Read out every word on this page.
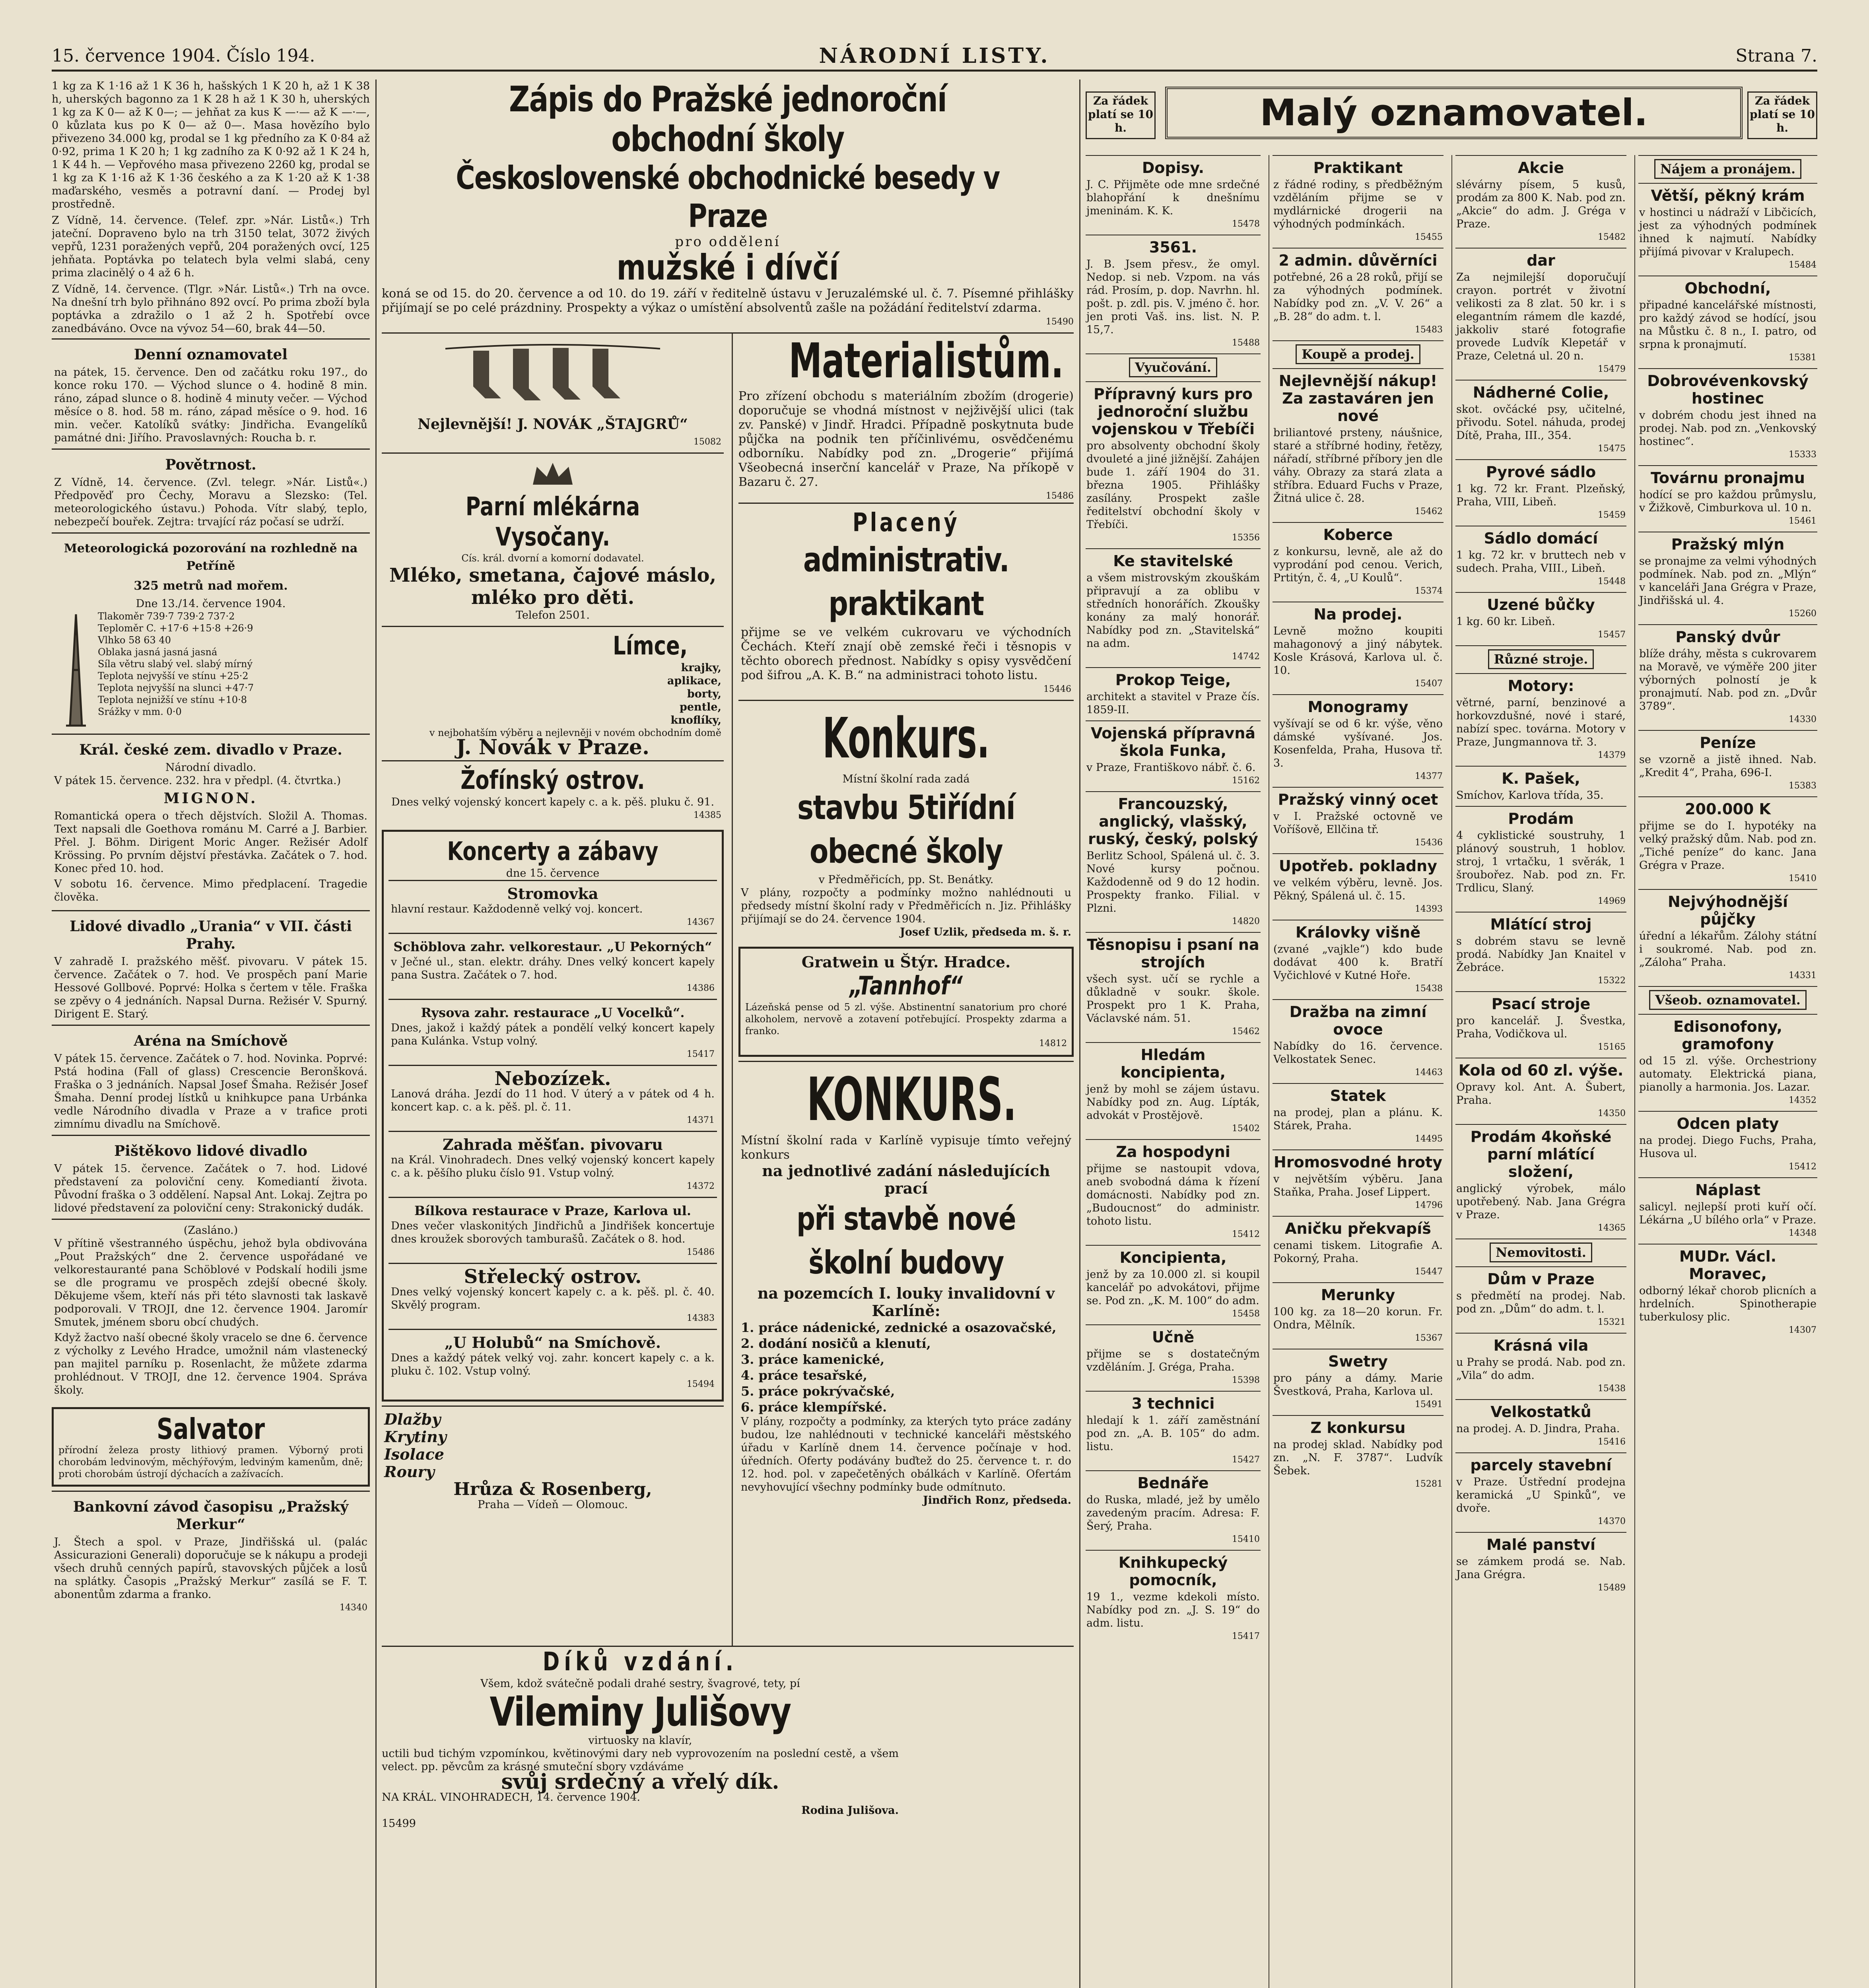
15. července 1904. Číslo 194.	NÁRODNÍ LISTY.	Strana 7.

1 kg za K 1·16 až 1 K 36 h, hašských 1 K 20 h, až 1 K 38 h, uherských bagonno za 1 K 28 h až 1 K 30 h, uherských 1 kg za K 0— až K 0—; — jehňat za kus K —·— až K —·—, 0 kůzlata kus po K 0— až 0—. Masa hovězího bylo přivezeno 34.000 kg, prodal se 1 kg předního za K 0·84 až 0·92, prima 1 K 20 h; 1 kg zadního za K 0·92 až 1 K 24 h, 1 K 44 h. — Vepřového masa přivezeno 2260 kg, prodal se 1 kg za K 1·16 až K 1·36 českého a za K 1·20 až K 1·38 maďarského, vesměs a potravní daní. — Prodej byl prostředně.

Z Vídně, 14. července. (Telef. zpr. »Nár. Listů«.) Trh jateční. Dopraveno bylo na trh 3150 telat, 3072 živých vepřů, 1231 poražených vepřů, 204 poražených ovcí, 125 jehňata. Poptávka po telatech byla velmi slabá, ceny prima zlacinělý o 4 až 6 h.

Z Vídně, 14. července. (Tlgr. »Nár. Listů«.) Trh na ovce. Na dnešní trh bylo přihnáno 892 ovcí. Po prima zboží byla poptávka a zdražilo o 1 až 2 h. Spotřebí ovce zanedbáváno. Ovce na vývoz 54—60, brak 44—50.

Denní oznamovatel

na pátek, 15. července. Den od začátku roku 197., do konce roku 170. — Východ slunce o 4. hodině 8 min. ráno, západ slunce o 8. hodině 4 minuty večer. — Východ měsíce o 8. hod. 58 m. ráno, západ měsíce o 9. hod. 16 min. večer. Katolíků svátky: Jindřicha. Evangelíků památné dni: Jiřího. Pravoslavných: Roucha b. r.

Povětrnost.

Z Vídně, 14. července. (Zvl. telegr. »Nár. Listů«.) Předpověď pro Čechy, Moravu a Slezsko: (Tel. meteorologického ústavu.) Pohoda. Vítr slabý, teplo, nebezpečí bouřek. Zejtra: trvající ráz počasí se udrží.

Meteorologická pozorování na rozhledně na Petříně
325 metrů nad mořem.
Dne 13./14. července 1904.
Tlakoměr 739·7 739·2 737·2
Teploměr C. +17·6 +15·8 +26·9
Vlhko 58 63 40
Oblaka jasná jasná jasná
Síla větru slabý vel. slabý mírný
Teplota nejvyšší ve stínu +25·2
Teplota nejvyšší na slunci +47·7
Teplota nejnižší ve stínu +10·8
Srážky v mm. 0·0
Král. české zem. divadlo v Praze.
Národní divadlo.

V pátek 15. července. 232. hra v předpl. (4. čtvrtka.)

MIGNON.

Romantická opera o třech dějstvích. Složil A. Thomas. Text napsali dle Goethova románu M. Carré a J. Barbier. Přel. J. Böhm. Dirigent Moric Anger. Režisér Adolf Krössing. Po prvním dějství přestávka. Začátek o 7. hod. Konec před 10. hod.

V sobotu 16. července. Mimo předplacení. Tragedie člověka.

Lidové divadlo „Urania“ v VII. části Prahy.

V zahradě I. pražského měšť. pivovaru. V pátek 15. července. Začátek o 7. hod. Ve prospěch paní Marie Hessové Gollbové. Poprvé: Holka s čertem v těle. Fraška se zpěvy o 4 jednáních. Napsal Durna. Režisér V. Spurný. Dirigent E. Starý.

Aréna na Smíchově

V pátek 15. července. Začátek o 7. hod. Novinka. Poprvé: Pstá hodina (Fall of glass) Crescencie Beronšková. Fraška o 3 jednáních. Napsal Josef Šmaha. Režisér Josef Šmaha. Denní prodej lístků u knihkupce pana Urbánka vedle Národního divadla v Praze a v trafice proti zimnímu divadlu na Smíchově.

Pištěkovo lidové divadlo

V pátek 15. července. Začátek o 7. hod. Lidové představení za poloviční ceny. Komediantí života. Původní fraška o 3 oddělení. Napsal Ant. Lokaj. Zejtra po lidové představení za poloviční ceny: Strakonický dudák.

(Zasláno.)

V přítině všestranného úspěchu, jehož byla obdivována „Pout Pražských“ dne 2. července uspořádané ve velkorestauranté pana Schöblové v Podskalí hodili jsme se dle programu ve prospěch zdejší obecné školy. Děkujeme všem, kteří nás při této slavnosti tak laskavě podporovali. V TROJI, dne 12. července 1904. Jaromír Smutek, jménem sboru obcí chudých.

Když žactvo naší obecné školy vracelo se dne 6. července z výcholky z Levého Hradce, umožnil nám vlastenecký pan majitel parníku p. Rosenlacht, že můžete zdarma prohlédnout. V TROJI, dne 12. července 1904. Správa školy.

Salvator

přírodní železa prosty lithiový pramen. Výborný proti chorobám ledvinovým, měchýřovým, ledviným kamenům, dně; proti chorobám ústrojí dýchacích a zažívacích.

Bankovní závod časopisu „Pražský Merkur“

J. Štech a spol. v Praze, Jindřišská ul. (palác Assicurazioni Generali) doporučuje se k nákupu a prodeji všech druhů cenných papírů, stavovských půjček a losů na splátky. Časopis „Pražský Merkur“ zasílá se F. T. abonentům zdarma a franko.

14340
Zápis do Pražské jednoroční obchodní školy
Československé obchodnické besedy v Praze
pro oddělení
mužské i dívčí

koná se od 15. do 20. července a od 10. do 19. září v ředitelně ústavu v Jeruzalémské ul. č. 7. Písemné přihlášky přijímají se po celé prázdniny. Prospekty a výkaz o umístění absolventů zašle na požádání ředitelství zdarma.

15490
Nejlevnější! J. NOVÁK „ŠTAJGRŮ“
15082
Parní mlékárna Vysočany.
Cís. král. dvorní a komorní dodavatel.
Mléko, smetana, čajové máslo, mléko pro děti.
Telefon 2501.
Límce,
krajky,
aplikace,
borty,
pentle,
knoflíky,

v nejbohatším výběru a nejlevněji v novém obchodním domě

J. Novák v Praze.
Žofínský ostrov.

Dnes velký vojenský koncert kapely c. a k. pěš. pluku č. 91.

14385
Koncerty a zábavy
dne 15. července
Stromovka

hlavní restaur. Každodenně velký voj. koncert.

14367
Schöblova zahr. velkorestaur. „U Pekorných“

v Ječné ul., stan. elektr. dráhy. Dnes velký koncert kapely pana Sustra. Začátek o 7. hod.

14386
Rysova zahr. restaurace „U Vocelků“.

Dnes, jakož i každý pátek a pondělí velký koncert kapely pana Kulánka. Vstup volný.

15417
Nebozízek.

Lanová dráha. Jezdí do 11 hod. V úterý a v pátek od 4 h. koncert kap. c. a k. pěš. pl. č. 11.

14371
Zahrada měšťan. pivovaru

na Král. Vinohradech. Dnes velký vojenský koncert kapely c. a k. pěšího pluku číslo 91. Vstup volný.

14372
Bílkova restaurace v Praze, Karlova ul.

Dnes večer vlaskonitých Jindřichů a Jindřišek koncertuje dnes kroužek sborových tamburašů. Začátek o 8. hod.

15486
Střelecký ostrov.

Dnes velký vojenský koncert kapely c. a k. pěš. pl. č. 40. Skvělý program.

14383
„U Holubů“ na Smíchově.

Dnes a každý pátek velký voj. zahr. koncert kapely c. a k. pluku č. 102. Vstup volný.

15494
Dlažby
Krytiny
Isolace
Roury
Hrůza & Rosenberg,
Praha — Vídeň — Olomouc.
Materialistům.

Pro zřízení obchodu s materiálním zbožím (drogerie) doporučuje se vhodná místnost v nejživější ulici (tak zv. Panské) v Jindř. Hradci. Případně poskytnuta bude půjčka na podnik ten příčinlivému, osvědčenému odborníku. Nabídky pod zn. „Drogerie“ přijímá Všeobecná inserční kancelář v Praze, Na příkopě v Bazaru č. 27.

15486
Placený
administrativ. praktikant

přijme se ve velkém cukrovaru ve východních Čechách. Kteří znají obě zemské řeči i těsnopis v těchto oborech přednost. Nabídky s opisy vysvědčení pod šifrou „A. K. B.“ na administraci tohoto listu.

15446
Konkurs.
Místní školní rada zadá
stavbu 5tiřídní obecné školy
v Předměřicích, pp. St. Benátky.

V plány, rozpočty a podmínky možno nahlédnouti u předsedy místní školní rady v Předměřicích n. Jiz. Přihlášky přijímají se do 24. července 1904.

Josef Uzlik, předseda m. š. r.
Gratwein u Štýr. Hradce.
„Tannhof“

Lázeňská pense od 5 zl. výše. Abstinentní sanatorium pro choré alkoholem, nervově a zotavení potřebující. Prospekty zdarma a franko.

14812
KONKURS.

Místní školní rada v Karlíně vypisuje tímto veřejný konkurs

na jednotlivé zadání následujících prací
při stavbě nové školní budovy
na pozemcích I. louky invalidovní v Karlíně:
1. práce nádenické, zednické a osazovačské,
2. dodání nosičů a klenutí,
3. práce kamenické,
4. práce tesařské,
5. práce pokrývačské,
6. práce klempířské.

V plány, rozpočty a podmínky, za kterých tyto práce zadány budou, lze nahlédnouti v technické kanceláři městského úřadu v Karlíně dnem 14. července počínaje v hod. úředních. Oferty podávány buďtež do 25. července t. r. do 12. hod. pol. v zapečetěných obálkách v Karlíně. Ofertám nevyhovující všechny podmínky bude odmítnuto.

Jindřich Ronz, předseda.
Díků vzdání.

Všem, kdož svátečně podali drahé sestry, švagrové, tety, pí

Vileminy Julišovy
virtuosky na klavír,

uctili bud tichým vzpomínkou, květinovými dary neb vyprovozením na poslední cestě, a všem velect. pp. pěvcům za krásné smuteční sbory vzdáváme

svůj srdečný a vřelý dík.
NA KRÁL. VINOHRADECH, 14. července 1904.
Rodina Julišova.
15499
Za řádek platí se 10 h.	Malý oznamovatel.	Za řádek platí se 10 h.
Dopisy.

J. C. Přijměte ode mne srdečné blahopřání k dnešnímu jmeninám. K. K.

15478
3561.

J. B. Jsem přesv., že omyl. Nedop. si neb. Vzpom. na vás rád. Prosím, p. dop. Navrhn. hl. pošt. p. zdl. pis. V. jméno č. hor. jen proti Vaš. ins. list. N. P. 15,7.

15488
Vyučování.
Přípravný kurs pro jednoroční službu vojenskou v Třebíči

pro absolventy obchodní školy dvouleté a jiné jižnější. Zahájen bude 1. září 1904 do 31. března 1905. Přihlášky zasílány. Prospekt zašle ředitelství obchodní školy v Třebíči.

15356
Ke stavitelské

a všem mistrovským zkouškám připravují a za oblibu v středních honorářích. Zkoušky konány za malý honorář. Nabídky pod zn. „Stavitelská“ na adm.

14742
Prokop Teige,

architekt a stavitel v Praze čís. 1859-II.

Vojenská přípravná škola Funka,

v Praze, Františkovo nábř. č. 6.

15162
Francouzský, anglický, vlašský, ruský, český, polský

Berlitz School, Spálená ul. č. 3. Nové kursy počnou. Každodenně od 9 do 12 hodin. Prospekty franko. Filial. v Plzni.

14820
Těsnopisu i psaní na strojích

všech syst. učí se rychle a důkladně v soukr. škole. Prospekt pro 1 K. Praha, Václavské nám. 51.

15462
Hledám koncipienta,

jenž by mohl se zájem ústavu. Nabídky pod zn. Aug. Lípták, advokát v Prostějově.

15402
Za hospodyni

přijme se nastoupit vdova, aneb svobodná dáma k řízení domácnosti. Nabídky pod zn. „Budoucnost“ do administr. tohoto listu.

15412
Koncipienta,

jenž by za 10.000 zl. si koupil kancelář po advokátovi, přijme se. Pod zn. „K. M. 100“ do adm.

15458
Učně

přijme se s dostatečným vzděláním. J. Gréga, Praha.

15398
3 technici

hledají k 1. září zaměstnání pod zn. „A. B. 105“ do adm. listu.

15427
Bednáře

do Ruska, mladé, jež by umělo zavedeným pracím. Adresa: F. Šerý, Praha.

15410
Knihkupecký pomocník,

19 1., vezme kdekoli místo. Nabídky pod zn. „J. S. 19“ do adm. listu.

15417
Praktikant

z řádné rodiny, s předběžným vzděláním přijme se v mydlárnické drogerii na výhodných podmínkách.

15455
2 admin. důvěrníci

potřebné, 26 a 28 roků, přijí se za výhodných podmínek. Nabídky pod zn. „V. V. 26“ a „B. 28“ do adm. t. l.

15483
Koupě a prodej.
Nejlevnější nákup! Za zastaváren jen nové

briliantové prsteny, náušnice, staré a stříbrné hodiny, řetězy, nářadí, stříbrné příbory jen dle váhy. Obrazy za stará zlata a stříbra. Eduard Fuchs v Praze, Žitná ulice č. 28.

15462
Koberce

z konkursu, levně, ale až do vyprodání pod cenou. Verich, Prtitýn, č. 4, „U Koulů“.

15374
Na prodej.

Levně možno koupiti mahagonový a jiný nábytek. Kosle Krásová, Karlova ul. č. 10.

15407
Monogramy

vyšívají se od 6 kr. výše, věno dámské vyšívané. Jos. Kosenfelda, Praha, Husova tř. 3.

14377
Pražský vinný ocet

v I. Pražské octovně ve Voříšově, Ellčina tř.

15436
Upotřeb. pokladny

ve velkém výběru, levně. Jos. Pěkný, Spálená ul. č. 15.

14393
Královky višně

(zvané „vajkle“) kdo bude dodávat 400 k. Bratří Vyčichlové v Kutné Hoře.

15438
Dražba na zimní ovoce

Nabídky do 16. července. Velkostatek Senec.

14463
Statek

na prodej, plan a plánu. K. Stárek, Praha.

14495
Hromosvodné hroty

v největším výběru. Jana Staňka, Praha. Josef Lippert.

14796
Aničku překvapíš

cenami tiskem. Litografie A. Pokorný, Praha.

15447
Merunky

100 kg. za 18—20 korun. Fr. Ondra, Mělník.

15367
Swetry

pro pány a dámy. Marie Švestková, Praha, Karlova ul.

15491
Z konkursu

na prodej sklad. Nabídky pod zn. „N. F. 3787“. Ludvík Šebek.

15281
Akcie

slévárny písem, 5 kusů, prodám za 800 K. Nab. pod zn. „Akcie“ do adm. J. Gréga v Praze.

15482
dar

Za nejmilejší doporučují crayon. portrét v životní velikosti za 8 zlat. 50 kr. i s elegantním rámem dle kazdé, jakkoliv staré fotografie provede Ludvík Klepetář v Praze, Celetná ul. 20 n.

15479
Nádherné Colie,

skot. ovčácké psy, učitelné, přivodu. Sotel. náhuda, prodej Dítě, Praha, III., 354.

15475
Pyrové sádlo

1 kg. 72 kr. Frant. Plzeňský, Praha, VIII, Libeň.

15459
Sádlo domácí

1 kg. 72 kr. v bruttech neb v sudech. Praha, VIII., Libeň.

15448
Uzené bůčky

1 kg. 60 kr. Libeň.

15457
Různé stroje.
Motory:

větrné, parní, benzinové a horkovzdušné, nové i staré, nabízí spec. továrna. Motory v Praze, Jungmannova tř. 3.

14379
K. Pašek,

Smíchov, Karlova třída, 35.

Prodám

4 cyklistické soustruhy, 1 plánový soustruh, 1 hoblov. stroj, 1 vrtačku, 1 svěrák, 1 šroubořez. Nab. pod zn. Fr. Trdlicu, Slaný.

14969
Mlátící stroj

s dobrém stavu se levně prodá. Nabídky Jan Knaitel v Žebráce.

15322
Psací stroje

pro kancelář. J. Švestka, Praha, Vodičkova ul.

15165
Kola od 60 zl. výše.

Opravy kol. Ant. A. Šubert, Praha.

14350
Prodám 4koňské parní mlátící složení,

anglický výrobek, málo upotřebený. Nab. Jana Grégra v Praze.

14365
Nemovitosti.
Dům v Praze

s předmětí na prodej. Nab. pod zn. „Dům“ do adm. t. l.

15321
Krásná vila

u Prahy se prodá. Nab. pod zn. „Vila“ do adm.

15438
Velkostatků

na prodej. A. D. Jindra, Praha.

15416
parcely stavební

v Praze. Ústřední prodejna keramická „U Spinků“, ve dvoře.

14370
Malé panství

se zámkem prodá se. Nab. Jana Grégra.

15489
Nájem a pronájem.
Větší, pěkný krám

v hostinci u nádraží v Libčicích, jest za výhodných podmínek ihned k najmutí. Nabídky přijímá pivovar v Kralupech.

15484
Obchodní,

připadné kancelářské místnosti, pro každý závod se hodící, jsou na Můstku č. 8 n., I. patro, od srpna k pronajmutí.

15381
Dobrovévenkovský hostinec

v dobrém chodu jest ihned na prodej. Nab. pod zn. „Venkovský hostinec“.

15333
Továrnu pronajmu

hodící se pro každou průmyslu, v Žižkově, Cimburkova ul. 10 n.

15461
Pražský mlýn

se pronajme za velmi výhodných podmínek. Nab. pod zn. „Mlýn“ v kanceláři Jana Grégra v Praze, Jindřišská ul. 4.

15260
Panský dvůr

blíže dráhy, města s cukrovarem na Moravě, ve výměře 200 jiter výborných polností je k pronajmutí. Nab. pod zn. „Dvůr 3789“.

14330
Peníze

se vzorně a jistě ihned. Nab. „Kredit 4“, Praha, 696-I.

15383
200.000 K

přijme se do I. hypotéky na velký pražský dům. Nab. pod zn. „Tiché peníze“ do kanc. Jana Grégra v Praze.

15410
Nejvýhodnější půjčky

úřední a lékařům. Zálohy státní i soukromé. Nab. pod zn. „Záloha“ Praha.

14331
Všeob. oznamovatel.
Edisonofony, gramofony

od 15 zl. výše. Orchestriony automaty. Elektrická piana, pianolly a harmonia. Jos. Lazar.

14352
Odcen platy

na prodej. Diego Fuchs, Praha, Husova ul.

15412
Náplast

salicyl. nejlepší proti kuří očí. Lékárna „U bílého orla“ v Praze.

14348
MUDr. Václ. Moravec,

odborný lékař chorob plicních a hrdelních. Spinotherapie tuberkulosy plic.

14307
